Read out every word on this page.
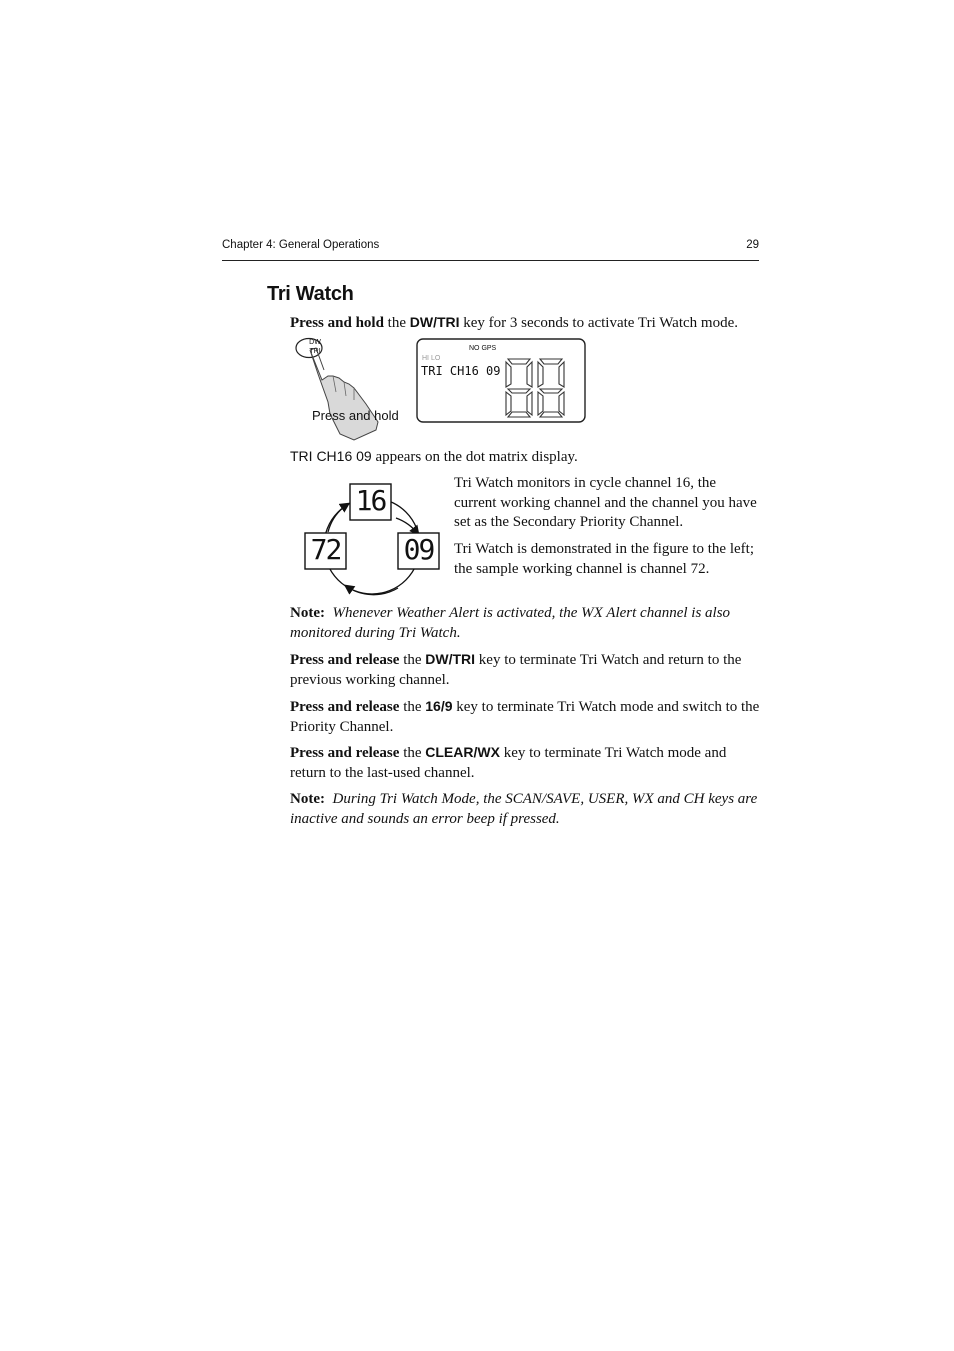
Chapter 4: General Operations	29
Tri Watch
Press and hold the DW/TRI key for 3 seconds to activate Tri Watch mode.
DW
TRI
Press and hold
NO GPS
HI LO
TRI CH16 09
TRI CH16 09 appears on the dot matrix display.
16
72 09
Tri Watch monitors in cycle channel 16, the current working channel and the channel you have set as the Secondary Priority Channel.
Tri Watch is demonstrated in the figure to the left; the sample working channel is channel 72.
Note: Whenever Weather Alert is activated, the WX Alert channel is also monitored during Tri Watch.
Press and release the DW/TRI key to terminate Tri Watch and return to the previous working channel.
Press and release the 16/9 key to terminate Tri Watch mode and switch to the Priority Channel.
Press and release the CLEAR/WX key to terminate Tri Watch mode and return to the last-used channel.
Note: During Tri Watch Mode, the SCAN/SAVE, USER, WX and CH keys are inactive and sounds an error beep if pressed.
